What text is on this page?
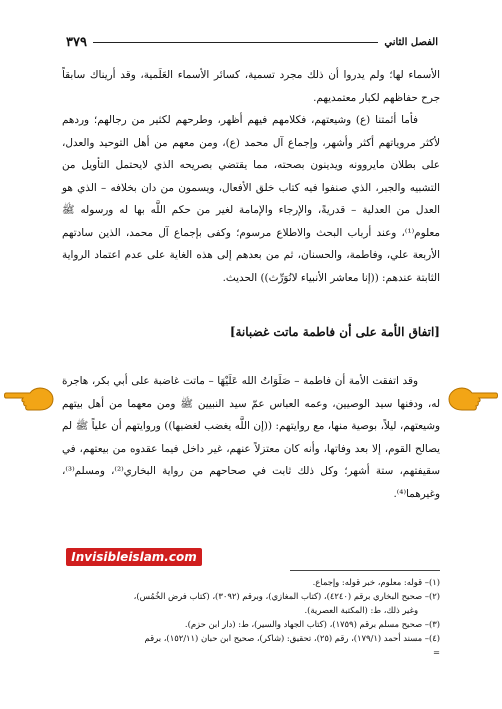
٣٧٩	الفصل الثاني

الأسماء لها؛ ولم يدروا أن ذلك مجرد تسمية، كسائر الأسماء العَلَمية، وقد أريناك سابقاً جرح حفاظهم لكبار معتمديهم.

فأما أئمتنا (ع) وشيعتهم، فكلامهم فيهم أظهر، وطرحهم لكثير من رجالهم؛ وردهم لأكثر مروياتهم أكثر وأشهر، وإجماع آل محمد (ع)، ومن معهم من أهل التوحيد والعدل، على بطلان مايروونه ويدينون بصحته، مما يقتضي بصريحه الذي لايحتمل التأويل من التشبيه والجبر، الذي صنفوا فيه كتاب خلق الأفعال، ويسمون من دان بخلافه – الذي هو العدل من العدلية – قدريةً، والإرجاء والإمامة لغير من حكم اللَّه بها له ورسوله ﷺ معلوم⁽¹⁾، وعند أرباب البحث والاطلاع مرسوم؛ وكفى بإجماع آل محمد، الذين سادتهم الأربعة علي، وفاطمة، والحسنان، ثم من بعدهم إلى هذه الغاية على عدم اعتماد الرواية الثابتة عندهم: ((إنا معاشر الأنبياء لانُوَرِّث)) الحديث.

[اتفاق الأمة على أن فاطمة ماتت غضبانة]

وقد اتفقت الأمة أن فاطمة – صَلَوَاتُ الله عَلَيْهَا – ماتت غاضبة على أبي بكر، هاجرة له، ودفنها سيد الوصيين، وعمه العباس عمّ سيد النبيين ﷺ ومن معهما من أهل بيتهم وشيعتهم، ليلاً، بوصية منها، مع روايتهم: ((إن اللَّه يغضب لغضبها)) وروايتهم أن علياً ﷺ لم يصالح القوم، إلا بعد وفاتها، وأنه كان معتزلاً عنهم، غير داخل فيما عقدوه من بيعتهم، في سقيفتهم، ستة أشهر؛ وكل ذلك ثابت في صحاحهم من رواية البخاري⁽²⁾، ومسلم⁽³⁾، وغيرهما⁽⁴⁾.

Invisibleislam.com

(١)– قوله: معلوم، خبر قوله: وإجماع.

(٢)– صحيح البخاري برقم (٤٢٤٠)، (كتاب المغازي)، وبرقم (٣٠٩٢)، (كتاب فرض الخُمُس)،

وغير ذلك، ط: (المكتبة العصرية).

(٣)– صحيح مسلم برقم (١٧٥٩)، (كتاب الجهاد والسير)، ط: (دار ابن حزم).

(٤)– مسند أحمد (١٧٩/١)، رقم (٢٥)، تحقيق: (شاكر)، صحيح ابن حبان (١٥٢/١١)، برقم

=
